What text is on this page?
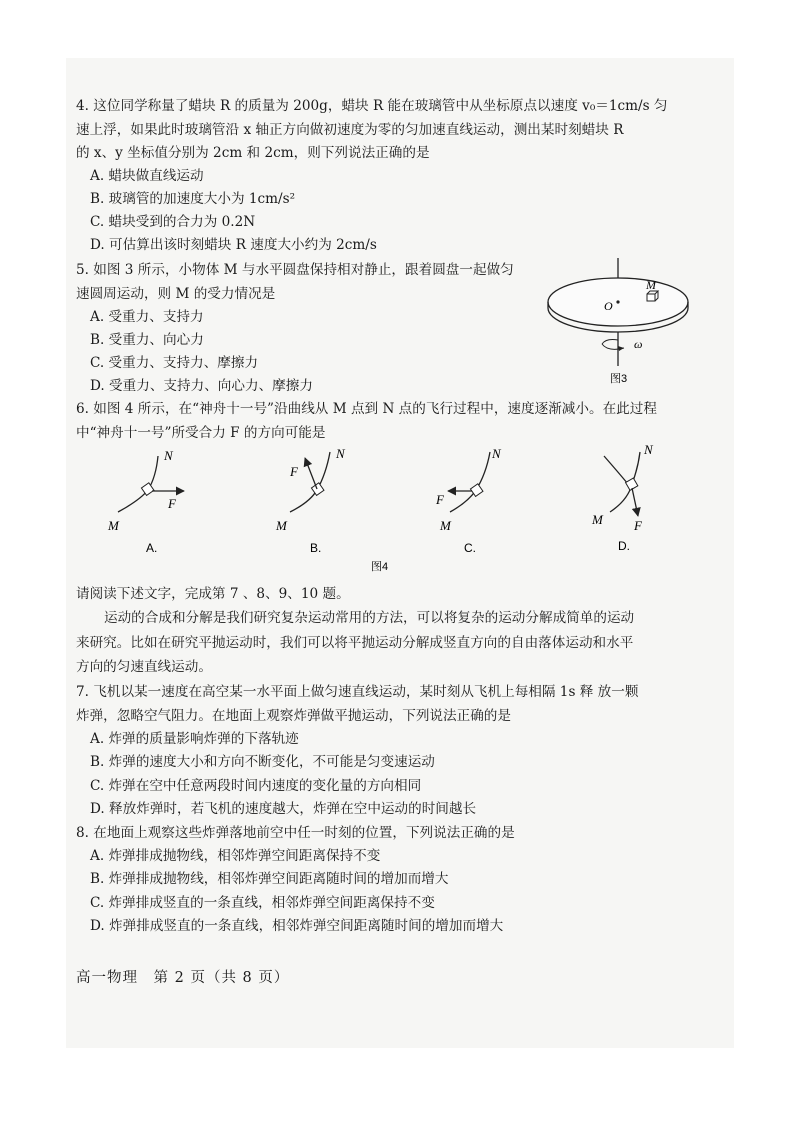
4. 这位同学称量了蜡块 R 的质量为 200g，蜡块 R 能在玻璃管中从坐标原点以速度 v₀＝1cm/s 匀
速上浮，如果此时玻璃管沿 x 轴正方向做初速度为零的匀加速直线运动，测出某时刻蜡块 R
的 x、y 坐标值分别为 2cm 和 2cm，则下列说法正确的是
A. 蜡块做直线运动
B. 玻璃管的加速度大小为 1cm/s²
C. 蜡块受到的合力为 0.2N
D. 可估算出该时刻蜡块 R 速度大小约为 2cm/s
5. 如图 3 所示，小物体 M 与水平圆盘保持相对静止，跟着圆盘一起做匀
速圆周运动，则 M 的受力情况是
A. 受重力、支持力
B. 受重力、向心力
C. 受重力、支持力、摩擦力
D. 受重力、支持力、向心力、摩擦力
O
M
ω
图3
6. 如图 4 所示，在“神舟十一号”沿曲线从 M 点到 N 点的飞行过程中，速度逐渐减小。在此过程
中“神舟十一号”所受合力 F 的方向可能是
N
F
M
A.
N
F
M
B.
N
F
M
C.
N
F
M
D.
图4
请阅读下述文字，完成第 7 、8、9、10 题。
运动的合成和分解是我们研究复杂运动常用的方法，可以将复杂的运动分解成简单的运动
来研究。比如在研究平抛运动时，我们可以将平抛运动分解成竖直方向的自由落体运动和水平
方向的匀速直线运动。
7. 飞机以某一速度在高空某一水平面上做匀速直线运动，某时刻从飞机上每相隔 1s 释 放一颗
炸弹，忽略空气阻力。在地面上观察炸弹做平抛运动，下列说法正确的是
A. 炸弹的质量影响炸弹的下落轨迹
B. 炸弹的速度大小和方向不断变化，不可能是匀变速运动
C. 炸弹在空中任意两段时间内速度的变化量的方向相同
D. 释放炸弹时，若飞机的速度越大，炸弹在空中运动的时间越长
8. 在地面上观察这些炸弹落地前空中任一时刻的位置，下列说法正确的是
A. 炸弹排成抛物线，相邻炸弹空间距离保持不变
B. 炸弹排成抛物线，相邻炸弹空间距离随时间的增加而增大
C. 炸弹排成竖直的一条直线，相邻炸弹空间距离保持不变
D. 炸弹排成竖直的一条直线，相邻炸弹空间距离随时间的增加而增大
高一物理　第 2 页（共 8 页）
